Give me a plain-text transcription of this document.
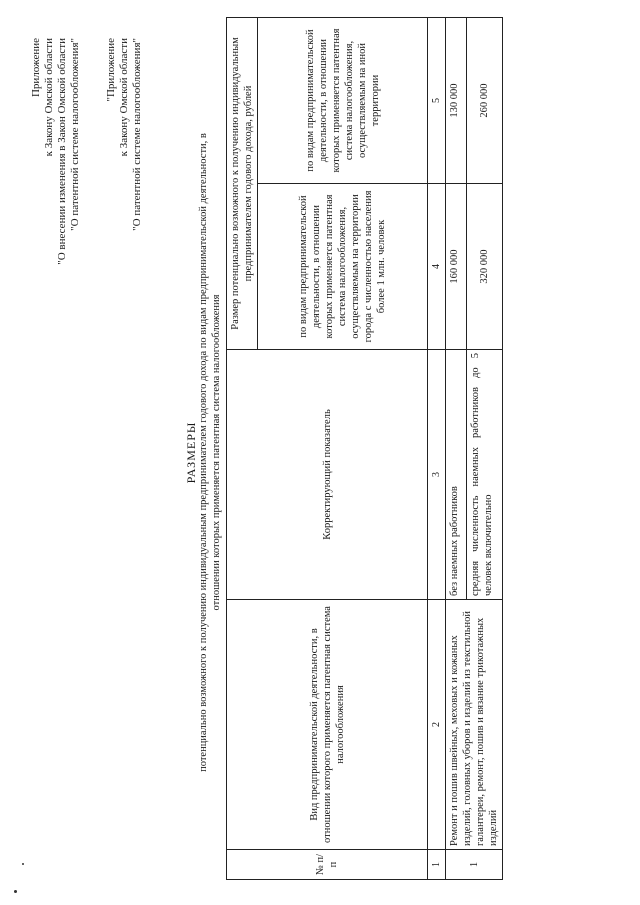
Приложение к Закону Омской области "О внесении изменения в Закон Омской области "О патентной системе налогообложения" "Приложение к Закону Омской области "О патентной системе налогообложения"
РАЗМЕРЫ потенциально возможного к получению индивидуальным предпринимателем годового дохода по видам предпринимательской деятельности, в отношении которых применяется патентная система налогообложения
№ п/п	Вид предпринимательской деятельности, в отношении которого применяется патентная система налогообложения	Корректирующий показатель	Размер потенциально возможного к получению индивидуальным предпринимателем годового дохода, рублей	
			по видам предпринимательской деятельности, в отношении которых применяется патентная система налогообложения, осуществляемым на территории города с численностью населения более 1 млн. человек	по видам предпринимательской деятельности, в отношении которых применяется патентная система налогообложения, осуществляемым на иной территории
1	2	3	4	5
1	Ремонт и пошив швейных, меховых и кожаных изделий, головных уборов и изделий из текстильной галантереи, ремонт, пошив и вязание трикотажных изделий	без наемных работников	160 000	130 000
		средняя численность наемных работников до 5 человек включительно	320 000	260 000
